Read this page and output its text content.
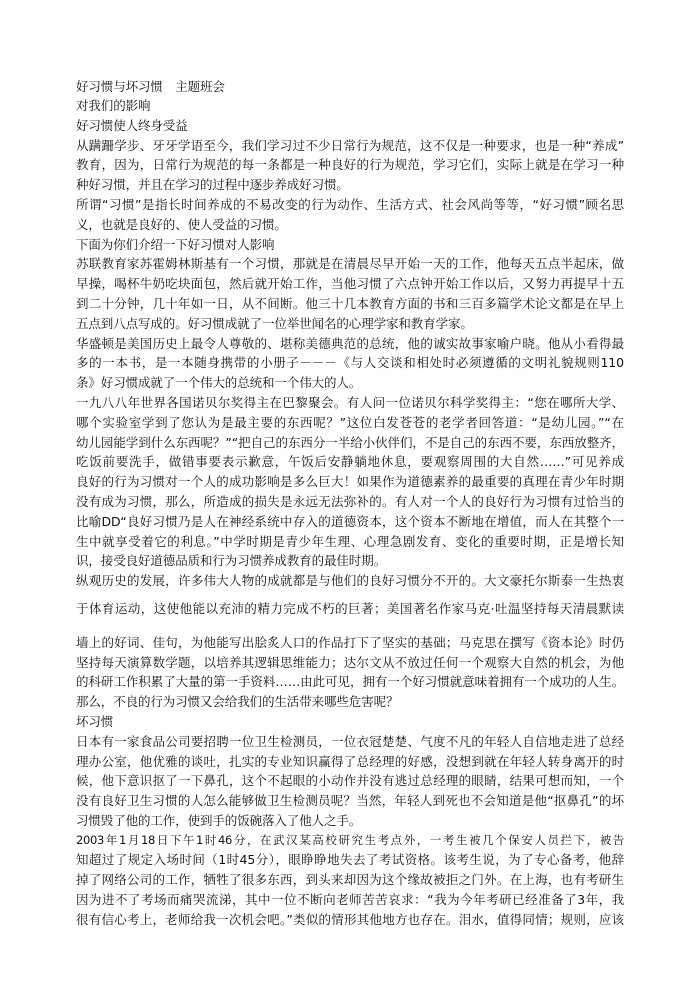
好习惯与坏习惯　主题班会
对我们的影响
好习惯使人终身受益
从蹒跚学步、牙牙学语至今，我们学习过不少日常行为规范，这不仅是一种要求，也是一种“养成”
教育，因为，日常行为规范的每一条都是一种良好的行为规范，学习它们，实际上就是在学习一种
种好习惯，并且在学习的过程中逐步养成好习惯。
所谓“习惯”是指长时间养成的不易改变的行为动作、生活方式、社会风尚等等，“好习惯”顾名思
义，也就是良好的、使人受益的习惯。
下面为你们介绍一下好习惯对人影响
苏联教育家苏霍姆林斯基有一个习惯，那就是在清晨尽早开始一天的工作，他每天五点半起床，做
早操，喝杯牛奶吃块面包，然后就开始工作，当他习惯了六点钟开始工作以后，又努力再提早十五
到二十分钟，几十年如一日，从不间断。他三十几本教育方面的书和三百多篇学术论文都是在早上
五点到八点写成的。好习惯成就了一位举世闻名的心理学家和教育学家。
华盛顿是美国历史上最令人尊敬的、堪称美德典范的总统，他的诚实故事家喻户晓。他从小看得最
多的一本书，是一本随身携带的小册子－－－《与人交谈和相处时必须遵循的文明礼貌规则110
条》好习惯成就了一个伟大的总统和一个伟大的人。
一九八八年世界各国诺贝尔奖得主在巴黎聚会。有人问一位诺贝尔科学奖得主：“您在哪所大学、
哪个实验室学到了您认为是最主要的东西呢？”这位白发苍苍的老学者回答道：“是幼儿园。”“在
幼儿园能学到什么东西呢？”“把自己的东西分一半给小伙伴们，不是自己的东西不要，东西放整齐，
吃饭前要洗手，做错事要表示歉意，午饭后安静躺地休息，要观察周围的大自然……”可见养成
良好的行为习惯对一个人的成功影响是多么巨大！如果作为道德素养的最重要的真理在青少年时期
没有成为习惯，那么，所造成的损失是永远无法弥补的。有人对一个人的良好行为习惯有过恰当的
比喻DD“良好习惯乃是人在神经系统中存入的道德资本，这个资本不断地在增值，而人在其整个一
生中就享受着它的利息。”中学时期是青少年生理、心理急剧发育、变化的重要时期，正是增长知
识，接受良好道德品质和行为习惯养成教育的最佳时期。
纵观历史的发展，许多伟大人物的成就都是与他们的良好习惯分不开的。大文豪托尔斯泰一生热衷
于体育运动，这使他能以充沛的精力完成不朽的巨著；美国著名作家马克·吐温坚持每天清晨默读
墙上的好词、佳句，为他能写出脍炙人口的作品打下了坚实的基础；马克思在撰写《资本论》时仍
坚持每天演算数学题，以培养其逻辑思维能力；达尔文从不放过任何一个观察大自然的机会，为他
的科研工作积累了大量的第一手资料……由此可见，拥有一个好习惯就意味着拥有一个成功的人生。
那么，不良的行为习惯又会给我们的生活带来哪些危害呢？
坏习惯
日本有一家食品公司要招聘一位卫生检测员，一位衣冠楚楚、气度不凡的年轻人自信地走进了总经
理办公室，他优雅的谈吐，扎实的专业知识赢得了总经理的好感，没想到就在年轻人转身离开的时
候，他下意识抠了一下鼻孔，这个不起眼的小动作并没有逃过总经理的眼睛，结果可想而知，一个
没有良好卫生习惯的人怎么能够做卫生检测员呢？当然，年轻人到死也不会知道是他“抠鼻孔”的坏
习惯毁了他的工作，使到手的饭碗落入了他人之手。
2003年1月18日下午1时46分，在武汉某高校研究生考点外，一考生被几个保安人员拦下，被告
知超过了规定入场时间（1时45分），眼睁睁地失去了考试资格。该考生说，为了专心备考，他辞
掉了网络公司的工作，牺牲了很多东西，到头来却因为这个缘故被拒之门外。在上海，也有考研生
因为进不了考场而痛哭流涕，其中一位不断向老师苦苦哀求：“我为今年考研已经准备了3年，我
很有信心考上，老师给我一次机会吧。”类似的情形其他地方也存在。泪水，值得同情；规则，应该
